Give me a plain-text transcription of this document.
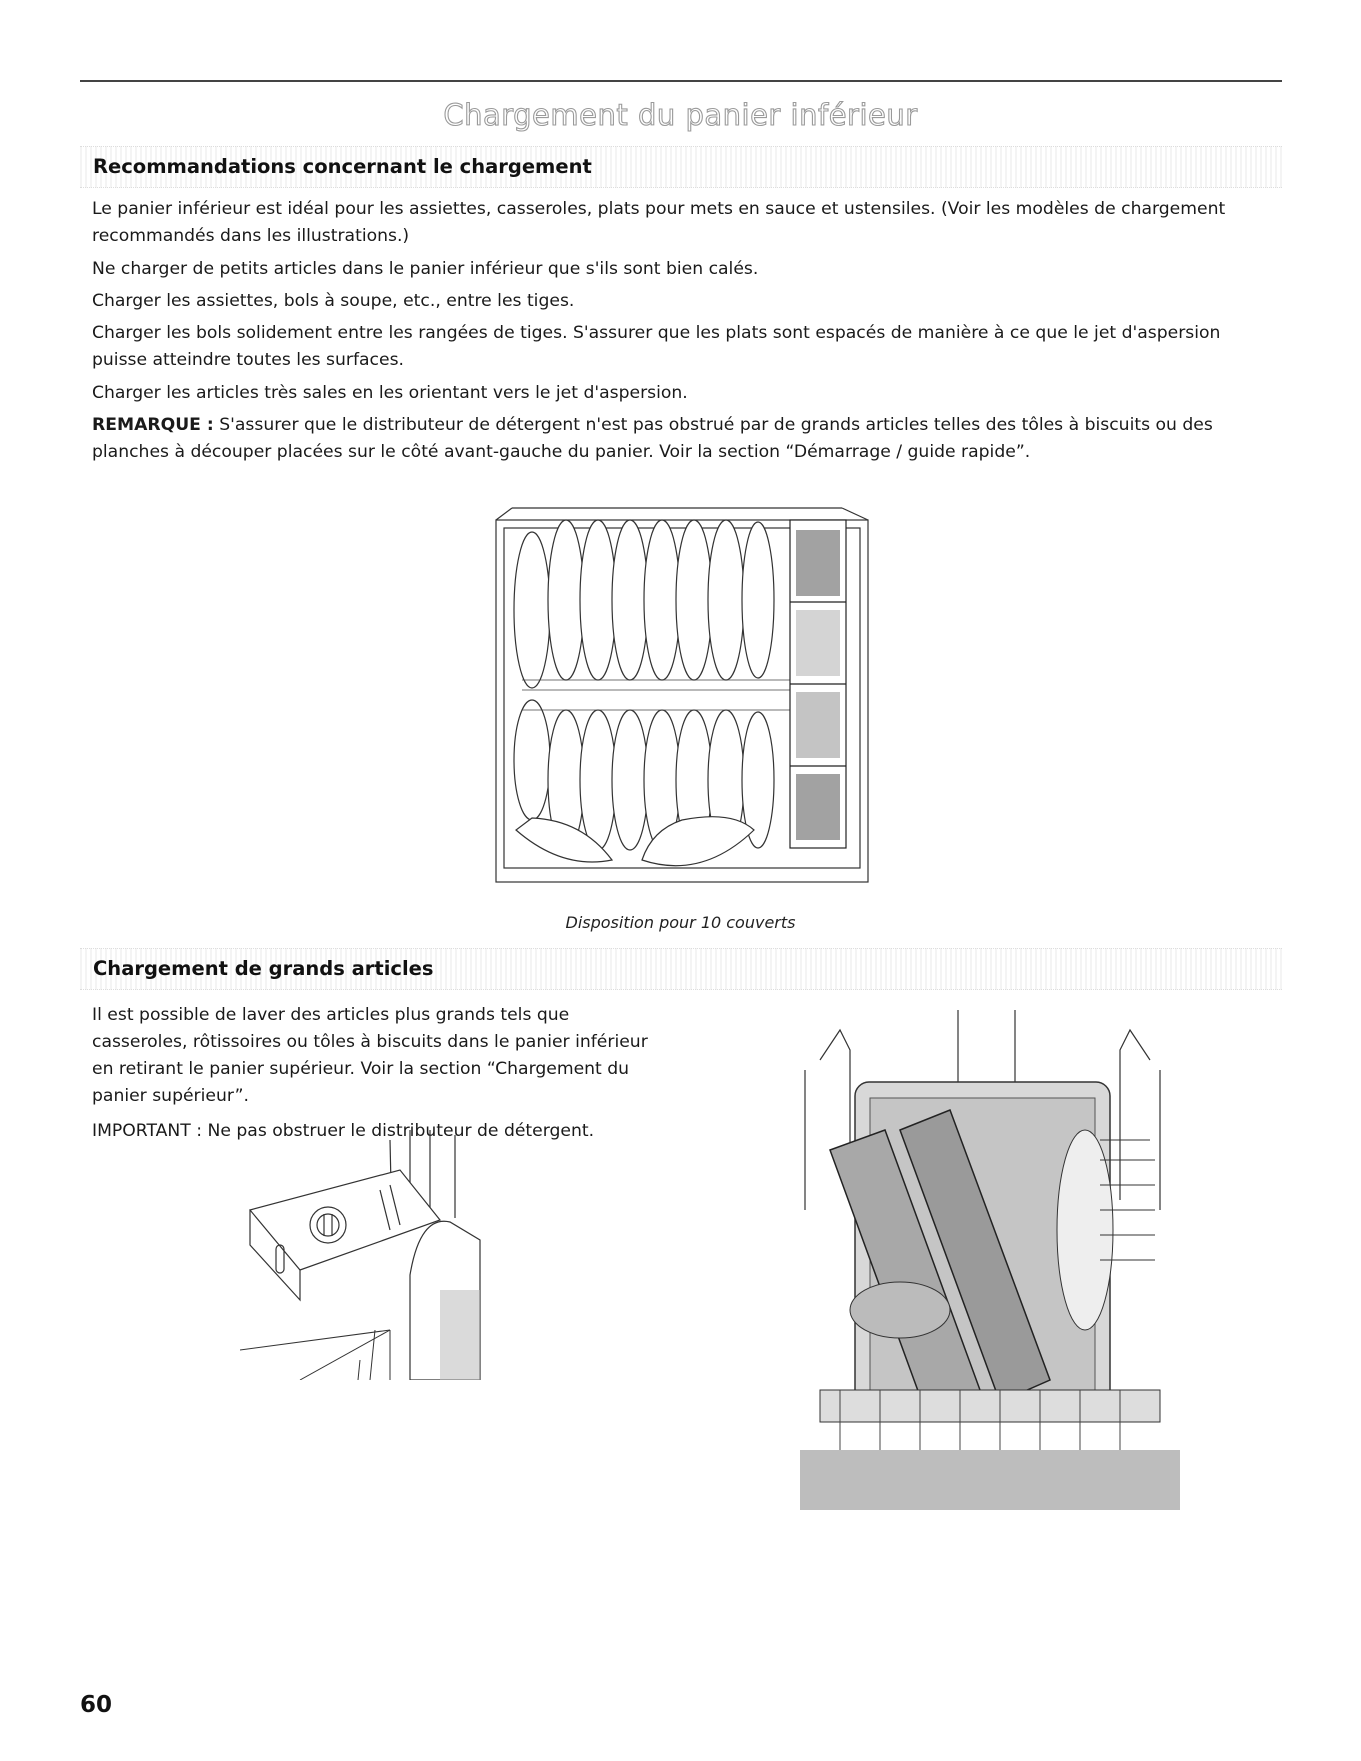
Chargement du panier inférieur
Recommandations concernant le chargement

Le panier inférieur est idéal pour les assiettes, casseroles, plats pour mets en sauce et ustensiles. (Voir les modèles de chargement recommandés dans les illustrations.)

Ne charger de petits articles dans le panier inférieur que s'ils sont bien calés.

Charger les assiettes, bols à soupe, etc., entre les tiges.

Charger les bols solidement entre les rangées de tiges. S'assurer que les plats sont espacés de manière à ce que le jet d'aspersion puisse atteindre toutes les surfaces.

Charger les articles très sales en les orientant vers le jet d'aspersion.

REMARQUE : S'assurer que le distributeur de détergent n'est pas obstrué par de grands articles telles des tôles à biscuits ou des planches à découper placées sur le côté avant-gauche du panier. Voir la section “Démarrage / guide rapide”.

Disposition pour 10 couverts
Chargement de grands articles

Il est possible de laver des articles plus grands tels que casseroles, rôtissoires ou tôles à biscuits dans le panier inférieur en retirant le panier supérieur. Voir la section “Chargement du panier supérieur”.

IMPORTANT : Ne pas obstruer le distributeur de détergent.

60
